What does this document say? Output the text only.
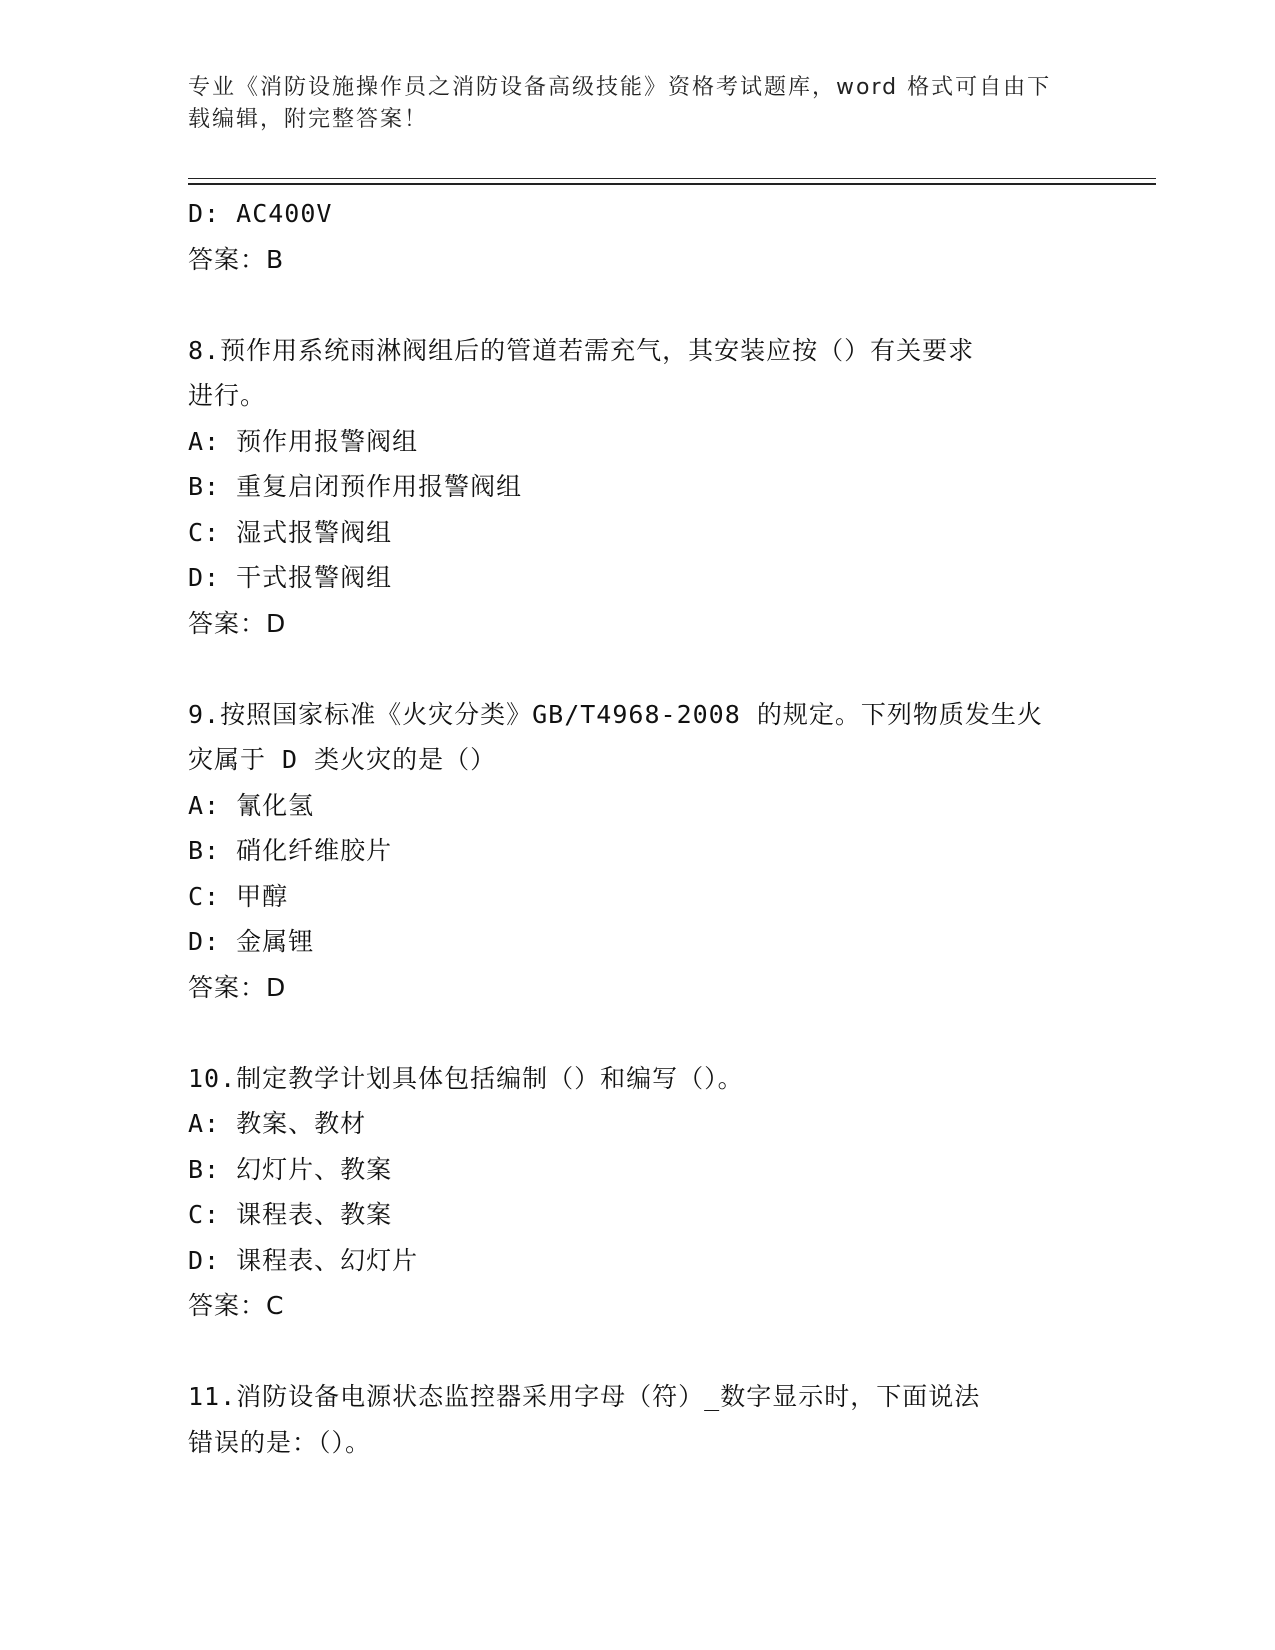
专业《消防设施操作员之消防设备高级技能》资格考试题库，word 格式可自由下
载编辑，附完整答案！
D: AC400V
答案：B
8.预作用系统雨淋阀组后的管道若需充气，其安装应按（）有关要求
进行。
A: 预作用报警阀组
B: 重复启闭预作用报警阀组
C: 湿式报警阀组
D: 干式报警阀组
答案：D
9.按照国家标准《火灾分类》GB/T4968-2008 的规定。下列物质发生火
灾属于 D 类火灾的是（）
A: 氰化氢
B: 硝化纤维胶片
C: 甲醇
D: 金属锂
答案：D
10.制定教学计划具体包括编制（）和编写（）。
A: 教案、教材
B: 幻灯片、教案
C: 课程表、教案
D: 课程表、幻灯片
答案：C
11.消防设备电源状态监控器采用字母（符）_数字显示时，下面说法
错误的是：（）。
